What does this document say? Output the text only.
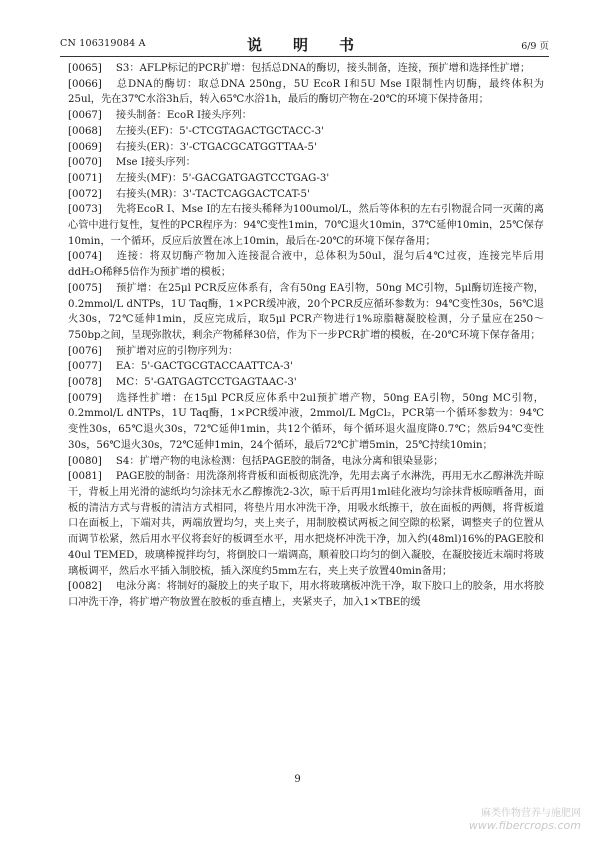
CN 106319084 A	说　明　书	6/9 页

[0065] S3：AFLP标记的PCR扩增：包括总DNA的酶切，接头制备，连接，预扩增和选择性扩增；

[0066] 总DNA的酶切：取总DNA 250ng，5U EcoR Ⅰ和5U Mse Ⅰ限制性内切酶，最终体积为25ul，先在37℃水浴3h后，转入65℃水浴1h，最后的酶切产物在-20℃的环境下保持备用；

[0067] 接头制备：EcoR Ⅰ接头序列：

[0068] 左接头(EF)：5'-CTCGTAGACTGCTACC-3'

[0069] 右接头(ER)：3'-CTGACGCATGGTTAA-5'

[0070] Mse Ⅰ接头序列：

[0071] 左接头(MF)：5'-GACGATGAGTCCTGAG-3'

[0072] 右接头(MR)：3'-TACTCAGGACTCAT-5'

[0073] 先将EcoR Ⅰ、Mse Ⅰ的左右接头稀释为100umol/L，然后等体积的左右引物混合同一灭菌的离心管中进行复性，复性的PCR程序为：94℃变性1min，70℃退火10min，37℃延伸10min，25℃保存10min，一个循环，反应后放置在冰上10min，最后在-20℃的环境下保存备用；

[0074] 连接：将双切酶产物加入连接混合液中，总体积为50ul，混匀后4℃过夜，连接完毕后用ddH₂O稀释5倍作为预扩增的模板；

[0075] 预扩增：在25μl PCR反应体系有，含有50ng EA引物，50ng MC引物，5μl酶切连接产物，0.2mmol/L dNTPs，1U Taq酶，1×PCR缓冲液，20个PCR反应循环参数为：94℃变性30s，56℃退火30s，72℃延伸1min，反应完成后，取5μl PCR产物进行1%琼脂糖凝胶检测，分子量应在250～750bp之间，呈现弥散状，剩余产物稀释30倍，作为下一步PCR扩增的模板，在-20℃环境下保存备用；

[0076] 预扩增对应的引物序列为：

[0077] EA：5'-GACTGCGTACCAATTCA-3'

[0078] MC：5'-GATGAGTCCTGAGTAAC-3'

[0079] 选择性扩增：在15μl PCR反应体系中2ul预扩增产物，50ng EA引物，50ng MC引物，0.2mmol/L dNTPs，1U Taq酶，1×PCR缓冲液，2mmol/L MgCl₂，PCR第一个循环参数为：94℃变性30s，65℃退火30s，72℃延伸1min，共12个循环，每个循环退火温度降0.7℃；然后94℃变性30s，56℃退火30s，72℃延伸1min，24个循环，最后72℃扩增5min，25℃持续10min；

[0080] S4：扩增产物的电泳检测：包括PAGE胶的制备，电泳分离和银染显影；

[0081] PAGE胶的制备：用洗涤剂将背板和面板彻底洗净，先用去离子水淋洗，再用无水乙醇淋洗并晾干，背板上用光滑的滤纸均匀涂抹无水乙醇擦洗2-3次，晾干后再用1ml硅化液均匀涂抹背板晾晒备用，面板的清洁方式与背板的清洁方式相同，将垫片用水冲洗干净，用吸水纸擦干，放在面板的两侧，将背板道口在面板上，下端对共，两端放置均匀，夹上夹子，用制胶模试两板之间空隙的松紧，调整夹子的位置从而调节松紧，然后用水平仪将套好的板调至水平，用水把烧杯冲洗干净，加入约(48ml)16%的PAGE胶和40ul TEMED，玻璃棒搅拌均匀，将倒胶口一端调高，顺着胶口均匀的倒入凝胶，在凝胶接近末端时将玻璃板调平，然后水平插入制胶梳，插入深度约5mm左右，夹上夹子放置40min备用；

[0082] 电泳分离：将制好的凝胶上的夹子取下，用水将玻璃板冲洗干净，取下胶口上的胶条，用水将胶口冲洗干净，将扩增产物放置在胶板的垂直槽上，夹紧夹子，加入1×TBE的缓

9
麻类作物营养与施肥网
www.fibercrops.com
